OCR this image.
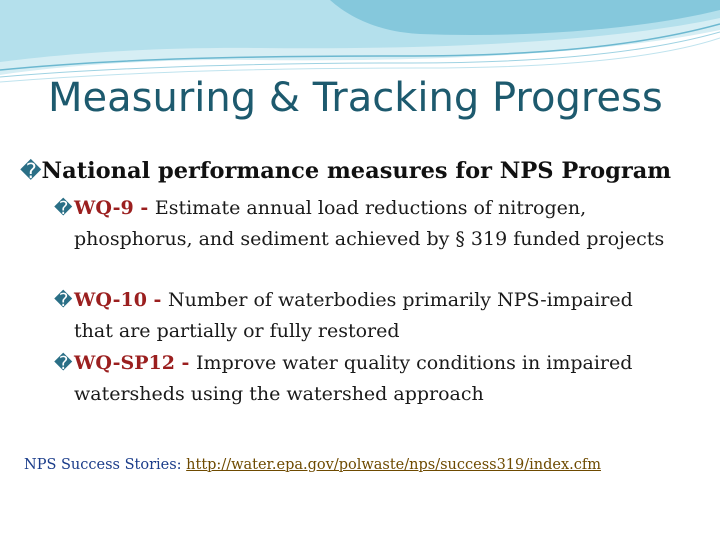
Measuring & Tracking Progress
�National performance measures for NPS Program
� WQ-9 - Estimate annual load reductions of nitrogen, phosphorus, and sediment achieved by § 319 funded projects
� WQ-10 - Number of waterbodies primarily NPS-impaired that are partially or fully restored
� WQ-SP12 - Improve water quality conditions in impaired watersheds using the watershed approach
NPS Success Stories: http://water.epa.gov/polwaste/nps/success319/index.cfm
